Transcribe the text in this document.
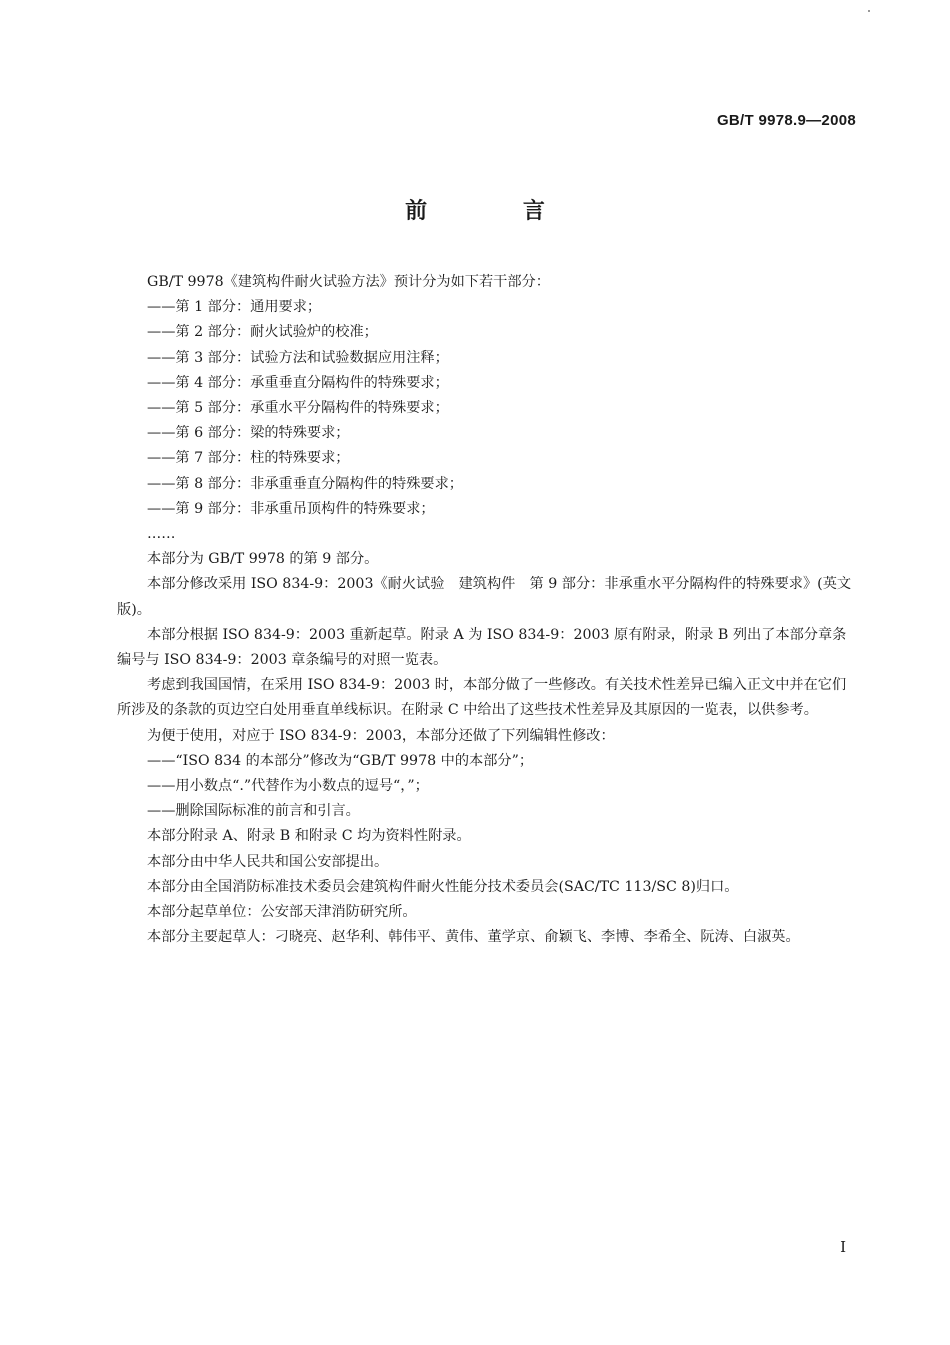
GB/T 9978.9—2008
前 言

GB/T 9978《建筑构件耐火试验方法》预计分为如下若干部分：

——第 1 部分：通用要求；

——第 2 部分：耐火试验炉的校准；

——第 3 部分：试验方法和试验数据应用注释；

——第 4 部分：承重垂直分隔构件的特殊要求；

——第 5 部分：承重水平分隔构件的特殊要求；

——第 6 部分：梁的特殊要求；

——第 7 部分：柱的特殊要求；

——第 8 部分：非承重垂直分隔构件的特殊要求；

——第 9 部分：非承重吊顶构件的特殊要求；

……

本部分为 GB/T 9978 的第 9 部分。

本部分修改采用 ISO 834-9：2003《耐火试验　建筑构件　第 9 部分：非承重水平分隔构件的特殊要求》(英文版)。

本部分根据 ISO 834-9：2003 重新起草。附录 A 为 ISO 834-9：2003 原有附录，附录 B 列出了本部分章条编号与 ISO 834-9：2003 章条编号的对照一览表。

考虑到我国国情，在采用 ISO 834-9：2003 时，本部分做了一些修改。有关技术性差异已编入正文中并在它们所涉及的条款的页边空白处用垂直单线标识。在附录 C 中给出了这些技术性差异及其原因的一览表，以供参考。

为便于使用，对应于 ISO 834-9：2003，本部分还做了下列编辑性修改：

——“ISO 834 的本部分”修改为“GB/T 9978 中的本部分”；

——用小数点“.”代替作为小数点的逗号“，”；

——删除国际标准的前言和引言。

本部分附录 A、附录 B 和附录 C 均为资料性附录。

本部分由中华人民共和国公安部提出。

本部分由全国消防标准技术委员会建筑构件耐火性能分技术委员会(SAC/TC 113/SC 8)归口。

本部分起草单位：公安部天津消防研究所。

本部分主要起草人：刁晓亮、赵华利、韩伟平、黄伟、董学京、俞颖飞、李博、李希全、阮涛、白淑英。

I
